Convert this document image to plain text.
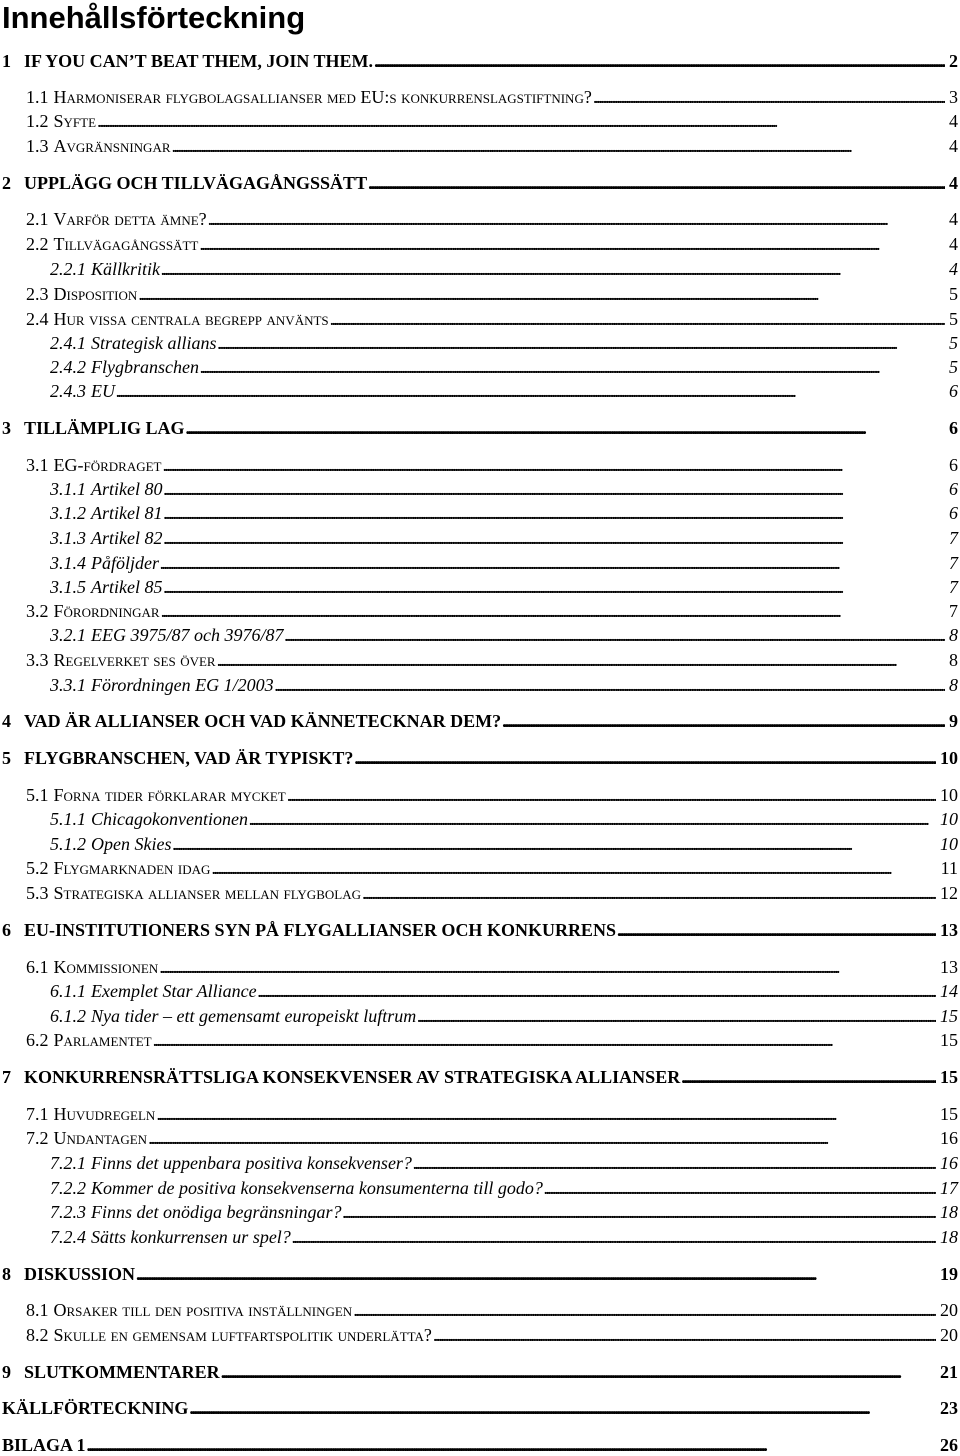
Innehållsförteckning
1 IF YOU CAN’T BEAT THEM, JOIN THEM. . . .	2
1.1 Harmoniserar flygbolagsallianser med EU:s konkurrenslagstiftning? . . .	3
1.2 Syfte . . .	4
1.3 Avgränsningar . . .	4
2 UPPLÄGG OCH TILLVÄGAGÅNGSSÄTT . . .	4
2.1 Varför detta ämne? . . .	4
2.2 Tillvägagångssätt . . .	4
2.2.1 Källkritik . . .	4
2.3 Disposition . . .	5
2.4 Hur vissa centrala begrepp använts . . .	5
2.4.1 Strategisk allians . . .	5
2.4.2 Flygbranschen . . .	5
2.4.3 EU . . .	6
3 TILLÄMPLIG LAG . . .	6
3.1 EG-fördraget . . .	6
3.1.1 Artikel 80 . . .	6
3.1.2 Artikel 81 . . .	6
3.1.3 Artikel 82 . . .	7
3.1.4 Påföljder . . .	7
3.1.5 Artikel 85 . . .	7
3.2 Förordningar . . .	7
3.2.1 EEG 3975/87 och 3976/87 . . .	8
3.3 Regelverket ses över . . .	8
3.3.1 Förordningen EG 1/2003 . . .	8
4 VAD ÄR ALLIANSER OCH VAD KÄNNETECKNAR DEM? . . .	9
5 FLYGBRANSCHEN, VAD ÄR TYPISKT? . . .	10
5.1 Forna tider förklarar mycket . . .	10
5.1.1 Chicagokonventionen . . .	10
5.1.2 Open Skies . . .	10
5.2 Flygmarknaden idag . . .	11
5.3 Strategiska allianser mellan flygbolag . . .	12
6 EU-INSTITUTIONERS SYN PÅ FLYGALLIANSER OCH KONKURRENS . . .	13
6.1 Kommissionen . . .	13
6.1.1 Exemplet Star Alliance . . .	14
6.1.2 Nya tider – ett gemensamt europeiskt luftrum . . .	15
6.2 Parlamentet . . .	15
7 KONKURRENSRÄTTSLIGA KONSEKVENSER AV STRATEGISKA ALLIANSER . . .	15
7.1 Huvudregeln . . .	15
7.2 Undantagen . . .	16
7.2.1 Finns det uppenbara positiva konsekvenser? . . .	16
7.2.2 Kommer de positiva konsekvenserna konsumenterna till godo? . . .	17
7.2.3 Finns det onödiga begränsningar? . . .	18
7.2.4 Sätts konkurrensen ur spel? . . .	18
8 DISKUSSION . . .	19
8.1 Orsaker till den positiva inställningen . . .	20
8.2 Skulle en gemensam luftfartspolitik underlätta? . . .	20
9 SLUTKOMMENTARER . . .	21
KÄLLFÖRTECKNING . . .	23
BILAGA 1 . . .	26
